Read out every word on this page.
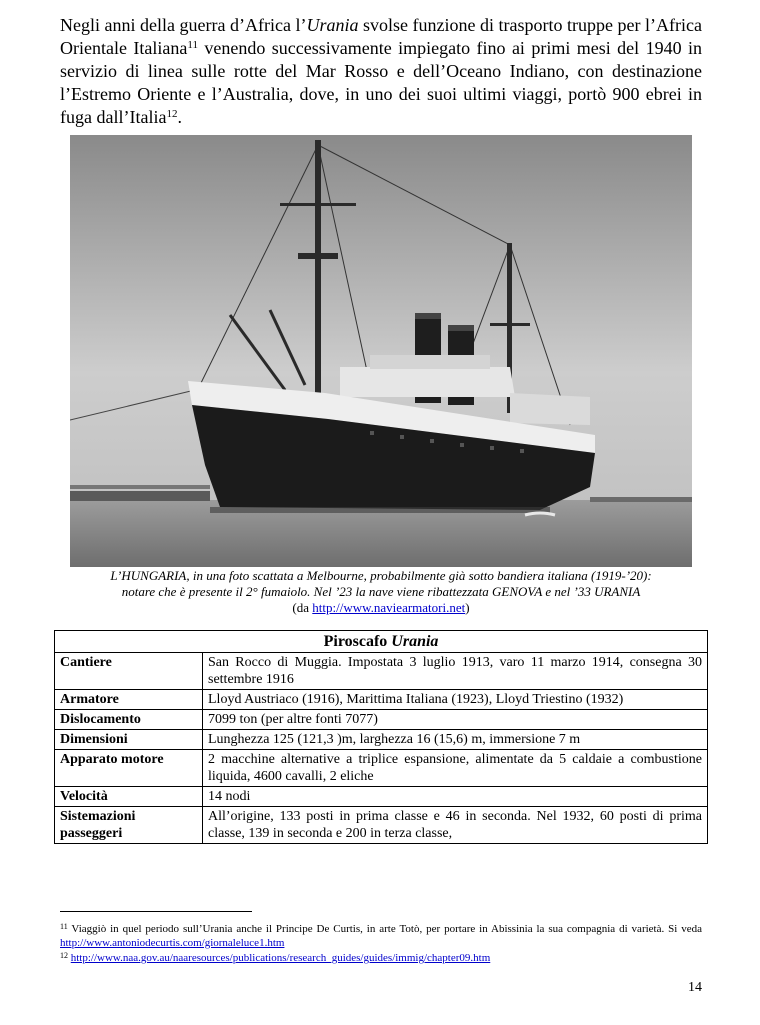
Negli anni della guerra d’Africa l’Urania svolse funzione di trasporto truppe per l’Africa Orientale Italiana$^{11}$ venendo successivamente impiegato fino ai primi mesi del 1940 in servizio di linea sulle rotte del Mar Rosso e dell’Oceano Indiano, con destinazione l’Estremo Oriente e l’Australia, dove, in uno dei suoi ultimi viaggi, portò 900 ebrei in fuga dall’Italia$^{12}$.
L’HUNGARIA, in una foto scattata a Melbourne, probabilmente già sotto bandiera italiana (1919-’20):
notare che è presente il 2° fumaiolo. Nel ’23 la nave viene ribattezzata GENOVA e nel ’33 URANIA
(da http://www.naviearmatori.net)
Piroscafo Urania	
Cantiere	San Rocco di Muggia. Impostata 3 luglio 1913, varo 11 marzo 1914, consegna 30 settembre 1916
Armatore	Lloyd Austriaco (1916), Marittima Italiana (1923), Lloyd Triestino (1932)
Dislocamento	7099 ton (per altre fonti 7077)
Dimensioni	Lunghezza 125 (121,3 )m, larghezza 16 (15,6) m, immersione 7 m
Apparato motore	2 macchine alternative a triplice espansione, alimentate da 5 caldaie a combustione liquida, 4600 cavalli, 2 eliche
Velocità	14 nodi
Sistemazioni passeggeri	All’origine, 133 posti in prima classe e 46 in seconda. Nel 1932, 60 posti di prima classe, 139 in seconda e 200 in terza classe,
$^{11}$ Viaggiò in quel periodo sull’Urania anche il Principe De Curtis, in arte Totò, per portare in Abissinia la sua compagnia di varietà. Si veda http://www.antoniodecurtis.com/giornaleluce1.htm
$^{12}$ http://www.naa.gov.au/naaresources/publications/research_guides/guides/immig/chapter09.htm
14
